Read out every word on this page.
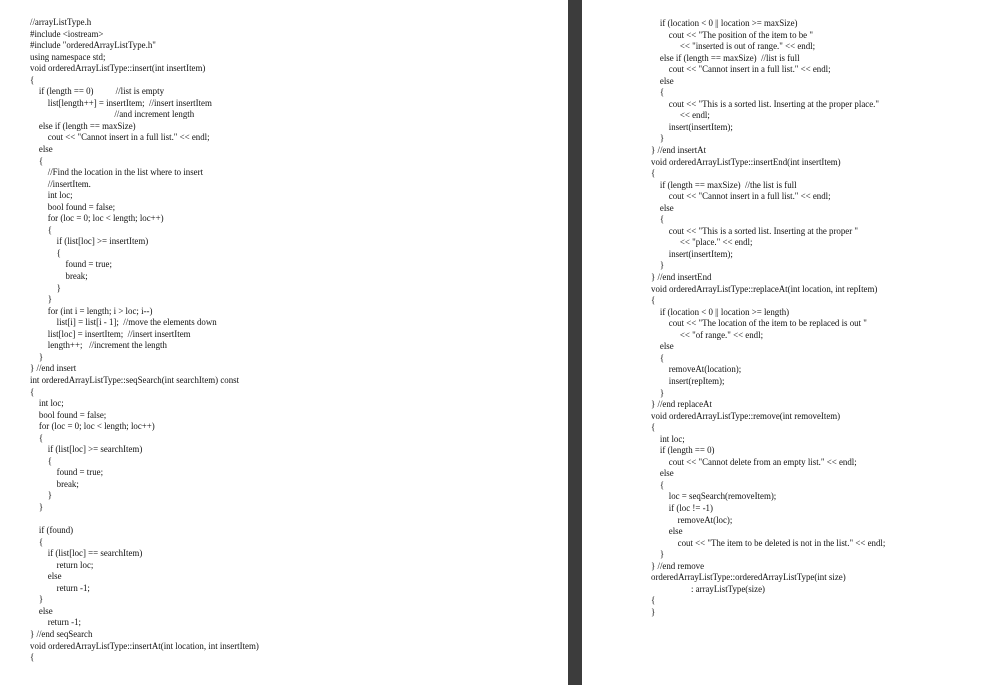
//arrayListType.h
#include <iostream>
#include "orderedArrayListType.h"
using namespace std;
void orderedArrayListType::insert(int insertItem)
{
if (length == 0)          //list is empty
list[length++] = insertItem;  //insert insertItem
//and increment length
else if (length == maxSize)
cout << "Cannot insert in a full list." << endl;
else
{
//Find the location in the list where to insert
//insertItem.
int loc;
bool found = false;
for (loc = 0; loc < length; loc++)
{
if (list[loc] >= insertItem)
{
found = true;
break;
}
}
for (int i = length; i > loc; i--)
list[i] = list[i - 1];  //move the elements down
list[loc] = insertItem;  //insert insertItem
length++;   //increment the length
}
} //end insert
int orderedArrayListType::seqSearch(int searchItem) const
{
int loc;
bool found = false;
for (loc = 0; loc < length; loc++)
{
if (list[loc] >= searchItem)
{
found = true;
break;
}
}

if (found)
{
if (list[loc] == searchItem)
return loc;
else
return -1;
}
else
return -1;
} //end seqSearch
void orderedArrayListType::insertAt(int location, int insertItem)
{
if (location < 0 || location >= maxSize)
cout << "The position of the item to be "
<< "inserted is out of range." << endl;
else if (length == maxSize)  //list is full
cout << "Cannot insert in a full list." << endl;
else
{
cout << "This is a sorted list. Inserting at the proper place."
<< endl;
insert(insertItem);
}
} //end insertAt
void orderedArrayListType::insertEnd(int insertItem)
{
if (length == maxSize)  //the list is full
cout << "Cannot insert in a full list." << endl;
else
{
cout << "This is a sorted list. Inserting at the proper "
<< "place." << endl;
insert(insertItem);
}
} //end insertEnd
void orderedArrayListType::replaceAt(int location, int repItem)
{
if (location < 0 || location >= length)
cout << "The location of the item to be replaced is out "
<< "of range." << endl;
else
{
removeAt(location);
insert(repItem);
}
} //end replaceAt
void orderedArrayListType::remove(int removeItem)
{
int loc;
if (length == 0)
cout << "Cannot delete from an empty list." << endl;
else
{
loc = seqSearch(removeItem);
if (loc != -1)
removeAt(loc);
else
cout << "The item to be deleted is not in the list." << endl;
}
} //end remove
orderedArrayListType::orderedArrayListType(int size)
: arrayListType(size)
{
}
